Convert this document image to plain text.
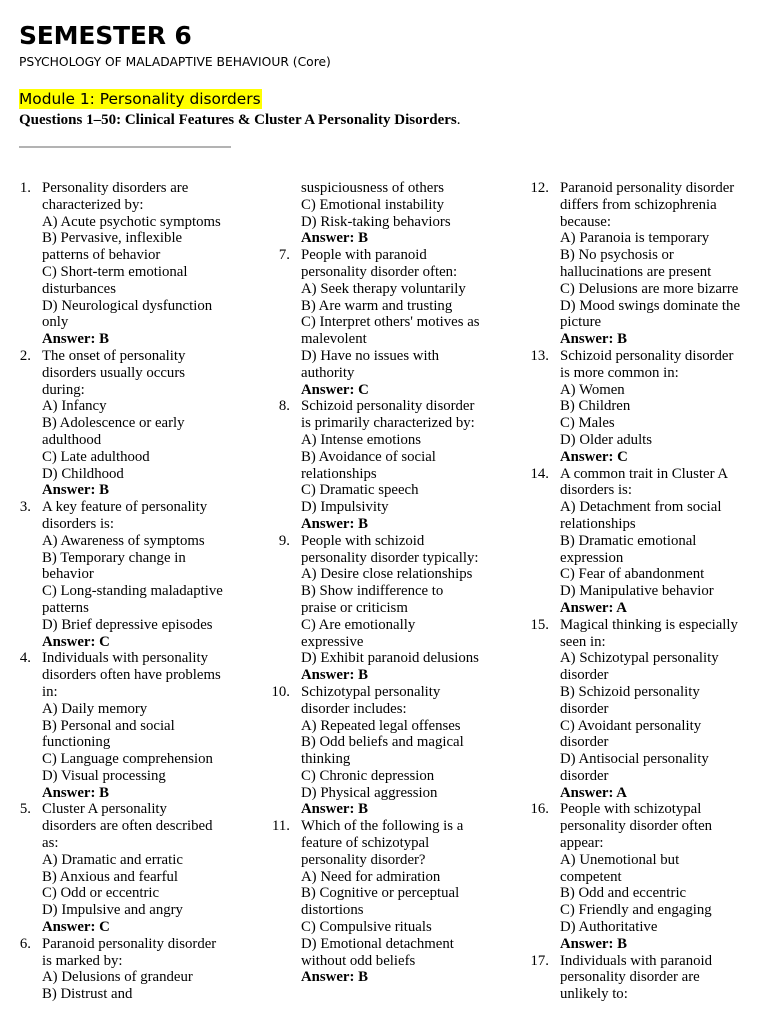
SEMESTER 6
PSYCHOLOGY OF MALADAPTIVE BEHAVIOUR (Core)
Module 1: Personality disorders
Questions 1–50: Clinical Features & Cluster A Personality Disorders.
1. Personality disorders are
characterized by:
A) Acute psychotic symptoms
B) Pervasive, inflexible
patterns of behavior
C) Short-term emotional
disturbances
D) Neurological dysfunction
only
Answer: B
2. The onset of personality
disorders usually occurs
during:
A) Infancy
B) Adolescence or early
adulthood
C) Late adulthood
D) Childhood
Answer: B
3. A key feature of personality
disorders is:
A) Awareness of symptoms
B) Temporary change in
behavior
C) Long-standing maladaptive
patterns
D) Brief depressive episodes
Answer: C
4. Individuals with personality
disorders often have problems
in:
A) Daily memory
B) Personal and social
functioning
C) Language comprehension
D) Visual processing
Answer: B
5. Cluster A personality
disorders are often described
as:
A) Dramatic and erratic
B) Anxious and fearful
C) Odd or eccentric
D) Impulsive and angry
Answer: C
6. Paranoid personality disorder
is marked by:
A) Delusions of grandeur
B) Distrust and
suspiciousness of others
C) Emotional instability
D) Risk-taking behaviors
Answer: B
7. People with paranoid
personality disorder often:
A) Seek therapy voluntarily
B) Are warm and trusting
C) Interpret others' motives as
malevolent
D) Have no issues with
authority
Answer: C
8. Schizoid personality disorder
is primarily characterized by:
A) Intense emotions
B) Avoidance of social
relationships
C) Dramatic speech
D) Impulsivity
Answer: B
9. People with schizoid
personality disorder typically:
A) Desire close relationships
B) Show indifference to
praise or criticism
C) Are emotionally
expressive
D) Exhibit paranoid delusions
Answer: B
10. Schizotypal personality
disorder includes:
A) Repeated legal offenses
B) Odd beliefs and magical
thinking
C) Chronic depression
D) Physical aggression
Answer: B
11. Which of the following is a
feature of schizotypal
personality disorder?
A) Need for admiration
B) Cognitive or perceptual
distortions
C) Compulsive rituals
D) Emotional detachment
without odd beliefs
Answer: B
12. Paranoid personality disorder
differs from schizophrenia
because:
A) Paranoia is temporary
B) No psychosis or
hallucinations are present
C) Delusions are more bizarre
D) Mood swings dominate the
picture
Answer: B
13. Schizoid personality disorder
is more common in:
A) Women
B) Children
C) Males
D) Older adults
Answer: C
14. A common trait in Cluster A
disorders is:
A) Detachment from social
relationships
B) Dramatic emotional
expression
C) Fear of abandonment
D) Manipulative behavior
Answer: A
15. Magical thinking is especially
seen in:
A) Schizotypal personality
disorder
B) Schizoid personality
disorder
C) Avoidant personality
disorder
D) Antisocial personality
disorder
Answer: A
16. People with schizotypal
personality disorder often
appear:
A) Unemotional but
competent
B) Odd and eccentric
C) Friendly and engaging
D) Authoritative
Answer: B
17. Individuals with paranoid
personality disorder are
unlikely to:
